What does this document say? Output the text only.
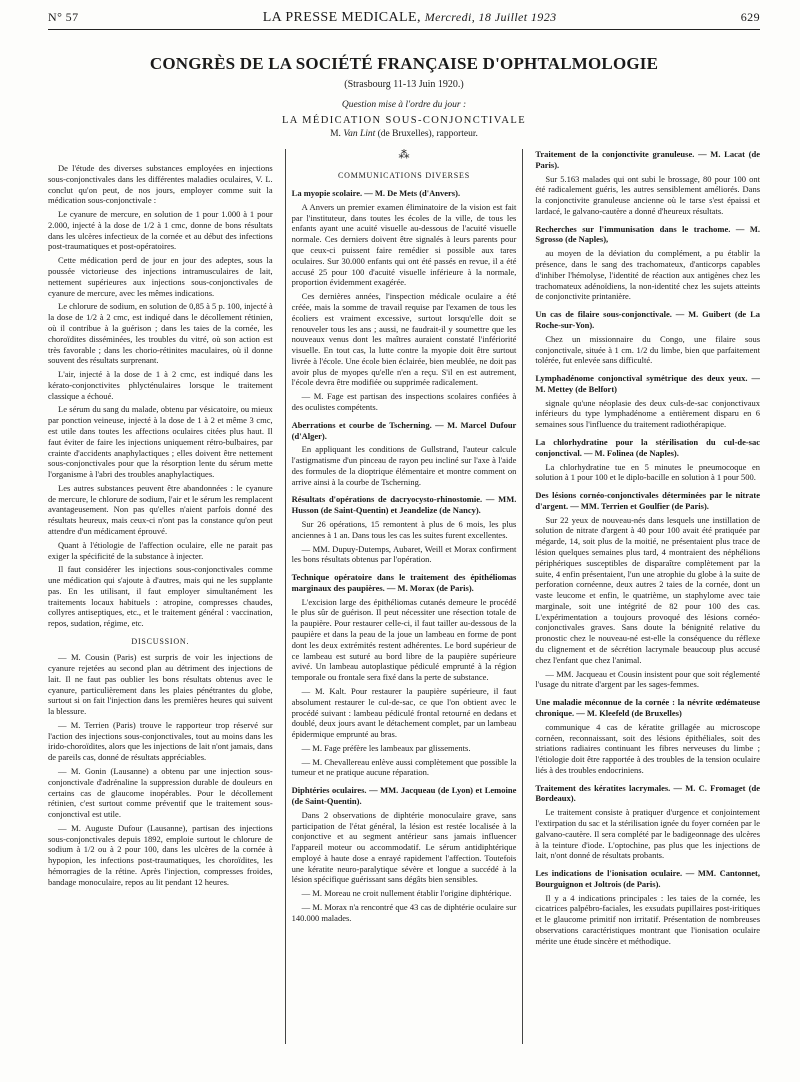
N° 57	LA PRESSE MEDICALE, Mercredi, 18 Juillet 1923	629
CONGRÈS DE LA SOCIÉTÉ FRANÇAISE D'OPHTALMOLOGIE
(Strasbourg 11-13 Juin 1920.)
Question mise à l'ordre du jour :
LA MÉDICATION SOUS-CONJONCTIVALE
M. Van Lint (de Bruxelles), rapporteur.

De l'étude des diverses substances employées en injections sous-conjonctivales dans les différentes maladies oculaires, V. L. conclut qu'on peut, de nos jours, employer comme suit la médication sous-conjonctivale :

Le cyanure de mercure, en solution de 1 pour 1.000 à 1 pour 2.000, injecté à la dose de 1/2 à 1 cmc, donne de bons résultats dans les ulcères infectieux de la cornée et au début des infections post-traumatiques et post-opératoires.

Cette médication perd de jour en jour des adeptes, sous la poussée victorieuse des injections intramusculaires de lait, nettement supérieures aux injections sous-conjonctivales de cyanure de mercure, avec les mêmes indications.

Le chlorure de sodium, en solution de 0,85 à 5 p. 100, injecté à la dose de 1/2 à 2 cmc, est indiqué dans le décollement rétinien, où il contribue à la guérison ; dans les taies de la cornée, les choroïdites disséminées, les troubles du vitré, où son action est très favorable ; dans les chorio-rétinites maculaires, où il donne souvent des résultats surprenant.

L'air, injecté à la dose de 1 à 2 cmc, est indiqué dans les kérato-conjonctivites phlycténulaires lorsque le traitement classique a échoué.

Le sérum du sang du malade, obtenu par vésicatoire, ou mieux par ponction veineuse, injecté à la dose de 1 à 2 et même 3 cmc, est utile dans toutes les affections oculaires citées plus haut. Il faut éviter de faire les injections uniquement rétro-bulbaires, par crainte d'accidents anaphylactiques ; elles doivent être nettement sous-conjonctivales pour que la résorption lente du sérum mette l'organisme à l'abri des troubles anaphylactiques.

Les autres substances peuvent être abandonnées : le cyanure de mercure, le chlorure de sodium, l'air et le sérum les remplacent avantageusement. Non pas qu'elles n'aient parfois donné des résultats heureux, mais ceux-ci n'ont pas la constance qu'on peut attendre d'un médicament éprouvé.

Quant à l'étiologie de l'affection oculaire, elle ne parait pas exiger la spécificité de la substance à injecter.

Il faut considérer les injections sous-conjonctivales comme une médication qui s'ajoute à d'autres, mais qui ne les supplante pas. En les utilisant, il faut employer simultanément les traitements locaux habituels : atropine, compresses chaudes, collyres antiseptiques, etc., et le traitement général : vaccination, repos, sudation, régime, etc.

DISCUSSION.

— M. Cousin (Paris) est surpris de voir les injections de cyanure rejetées au second plan au détriment des injections de lait. Il ne faut pas oublier les bons résultats obtenus avec le cyanure, particulièrement dans les plaies pénétrantes du globe, surtout si on fait l'injection dans les premières heures qui suivent la blessure.

— M. Terrien (Paris) trouve le rapporteur trop réservé sur l'action des injections sous-conjonctivales, tout au moins dans les irido-choroïdites, alors que les injections de lait n'ont jamais, dans de pareils cas, donné de résultats appréciables.

— M. Gonin (Lausanne) a obtenu par une injection sous-conjonctivale d'adrénaline la suppression durable de douleurs en certains cas de glaucome inopérables. Pour le décollement rétinien, c'est surtout comme préventif que le traitement sous-conjonctival est utile.

— M. Auguste Dufour (Lausanne), partisan des injections sous-conjonctivales depuis 1892, emploie surtout le chlorure de sodium à 1/2 ou à 2 pour 100, dans les ulcères de la cornée à hypopion, les infections post-traumatiques, les choroïdites, les hémorragies de la rétine. Après l'injection, compresses froides, bandage monoculaire, repos au lit pendant 12 heures.

⁂
COMMUNICATIONS DIVERSES

La myopie scolaire. — M. De Mets (d'Anvers).

A Anvers un premier examen éliminatoire de la vision est fait par l'instituteur, dans toutes les écoles de la ville, de tous les enfants ayant une acuité visuelle au-dessous de l'acuité visuelle normale. Ces derniers doivent être signalés à leurs parents pour que ceux-ci puissent faire remédier si possible aux tares oculaires. Sur 30.000 enfants qui ont été passés en revue, il a été accusé 25 pour 100 d'acuité visuelle inférieure à la normale, proportion évidemment exagérée.

Ces dernières années, l'inspection médicale oculaire a été créée, mais la somme de travail requise par l'examen de tous les écoliers est vraiment excessive, surtout lorsqu'elle doit se renouveler tous les ans ; aussi, ne faudrait-il y soumettre que les nouveaux venus dont les maîtres auraient constaté l'infériorité visuelle. En tout cas, la lutte contre la myopie doit être surtout livrée à l'école. Une école bien éclairée, bien meublée, ne doit pas avoir plus de myopes qu'elle n'en a reçu. S'il en est autrement, l'école devra être modifiée ou supprimée radicalement.

— M. Fage est partisan des inspections scolaires confiées à des oculistes compétents.

Aberrations et courbe de Tscherning. — M. Marcel Dufour (d'Alger).

En appliquant les conditions de Gullstrand, l'auteur calcule l'astigmatisme d'un pinceau de rayon peu incliné sur l'axe à l'aide des formules de la dioptrique élémentaire et montre comment on arrive ainsi à la courbe de Tscherning.

Résultats d'opérations de dacryocysto-rhinostomie. — MM. Husson (de Saint-Quentin) et Jeandelize (de Nancy).

Sur 26 opérations, 15 remontent à plus de 6 mois, les plus anciennes à 1 an. Dans tous les cas les suites furent excellentes.

— MM. Dupuy-Dutemps, Aubaret, Weill et Morax confirment les bons résultats obtenus par l'opération.

Technique opératoire dans le traitement des épithéliomas marginaux des paupières. — M. Morax (de Paris).

L'excision large des épithéliomas cutanés demeure le procédé le plus sûr de guérison. Il peut nécessiter une résection totale de la paupière. Pour restaurer celle-ci, il faut tailler au-dessous de la paupière et dans la peau de la joue un lambeau en forme de pont dont les deux extrémités restent adhérentes. Le bord supérieur de ce lambeau est suturé au bord libre de la paupière supérieure avivé. Un lambeau autoplastique pédiculé emprunté à la région temporale ou frontale sera fixé dans la perte de substance.

— M. Kalt. Pour restaurer la paupière supérieure, il faut absolument restaurer le cul-de-sac, ce que l'on obtient avec le procédé suivant : lambeau pédiculé frontal retourné en dedans et doublé, deux jours avant le détachement complet, par un lambeau épidermique emprunté au bras.

— M. Fage préfère les lambeaux par glissements.

— M. Chevallereau enlève aussi complètement que possible la tumeur et ne pratique aucune réparation.

Diphtéries oculaires. — MM. Jacqueau (de Lyon) et Lemoine (de Saint-Quentin).

Dans 2 observations de diphtérie monoculaire grave, sans participation de l'état général, la lésion est restée localisée à la conjonctive et au segment antérieur sans jamais influencer l'appareil moteur ou accommodatif. Le sérum antidiphtérique employé à haute dose a enrayé rapidement l'affection. Toutefois une kératite neuro-paralytique sévère et longue a succédé à la lésion spécifique guérissant sans dégâts bien sensibles.

— M. Moreau ne croit nullement établir l'origine diphtérique.

— M. Morax n'a rencontré que 43 cas de diphtérie oculaire sur 140.000 malades.

Traitement de la conjonctivite granuleuse. — M. Lacat (de Paris).

Sur 5.163 malades qui ont subi le brossage, 80 pour 100 ont été radicalement guéris, les autres sensiblement améliorés. Dans la conjonctivite granuleuse ancienne où le tarse s'est épaissi et lardacé, le galvano-cautère a donné d'heureux résultats.

Recherches sur l'immunisation dans le trachome. — M. Sgrosso (de Naples),

au moyen de la déviation du complément, a pu établir la présence, dans le sang des trachomateux, d'anticorps capables d'inhiber l'hémolyse, l'identité de réaction aux antigènes chez les trachomateux adénoïdiens, la non-identité chez les sujets atteints de conjonctivite printanière.

Un cas de filaire sous-conjonctivale. — M. Guibert (de La Roche-sur-Yon).

Chez un missionnaire du Congo, une filaire sous conjonctivale, située à 1 cm. 1/2 du limbe, bien que parfaitement tolérée, fut enlevée sans difficulté.

Lymphadénome conjonctival symétrique des deux yeux. — M. Mettey (de Belfort)

signale qu'une néoplasie des deux culs-de-sac conjonctivaux inférieurs du type lymphadénome a entièrement disparu en 6 semaines sous l'influence du traitement radiothérapique.

La chlorhydratine pour la stérilisation du cul-de-sac conjonctival. — M. Folinea (de Naples).

La chlorhydratine tue en 5 minutes le pneumocoque en solution à 1 pour 100 et le diplo-bacille en solution à 1 pour 500.

Des lésions cornéo-conjonctivales déterminées par le nitrate d'argent. — MM. Terrien et Goulfier (de Paris).

Sur 22 yeux de nouveau-nés dans lesquels une instillation de solution de nitrate d'argent à 40 pour 100 avait été pratiquée par mégarde, 14, soit plus de la moitié, ne présentaient plus trace de lésion quelques semaines plus tard, 4 montraient des néphélions périphériques susceptibles de disparaître complètement par la suite, 4 enfin présentaient, l'un une atrophie du globe à la suite de perforation cornéenne, deux autres 2 taies de la cornée, dont un vaste leucome et enfin, le quatrième, un staphylome avec taie marginale, soit une intégrité de 82 pour 100 des cas. L'expérimentation a toujours provoqué des lésions cornéo-conjonctivales graves. Sans doute la bénignité relative du pronostic chez le nouveau-né est-elle la conséquence du réflexe du clignement et de sécrétion lacrymale beaucoup plus accusé chez l'enfant que chez l'animal.

— MM. Jacqueau et Cousin insistent pour que soit réglementé l'usage du nitrate d'argent par les sages-femmes.

Une maladie méconnue de la cornée : la névrite œdémateuse chronique. — M. Kleefeld (de Bruxelles)

communique 4 cas de kératite grillagée au microscope cornéen, reconnaissant, soit des lésions épithéliales, soit des striations radiaires continuant les fibres nerveuses du limbe ; l'étiologie doit être rapportée à des troubles de la tension oculaire liés à des troubles endocriniens.

Traitement des kératites lacrymales. — M. C. Fromaget (de Bordeaux).

Le traitement consiste à pratiquer d'urgence et conjointement l'extirpation du sac et la stérilisation ignée du foyer cornéen par le galvano-cautère. Il sera complété par le badigeonnage des ulcères à la teinture d'iode. L'optochine, pas plus que les injections de lait, n'ont donné de résultats probants.

Les indications de l'ionisation oculaire. — MM. Cantonnet, Bourguignon et Joltrois (de Paris).

Il y a 4 indications principales : les taies de la cornée, les cicatrices palpébro-faciales, les exsudats pupillaires post-iritiques et le glaucome primitif non irritatif. Présentation de nombreuses observations caractéristiques montrant que l'ionisation oculaire mérite une étude sincère et méthodique.
